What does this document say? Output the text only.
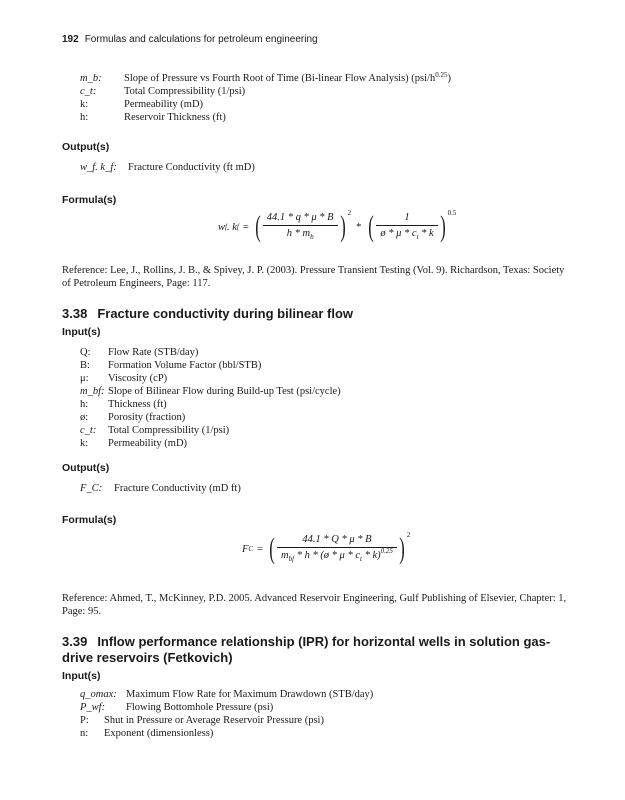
192 Formulas and calculations for petroleum engineering
m_b: Slope of Pressure vs Fourth Root of Time (Bi-linear Flow Analysis) $(psi/h^{0.25})$
c_t:	Total Compressibility (1/psi)
k:	Permeability (mD)
h:	Reservoir Thickness (ft)
Output(s)
w_f. k_f: Fracture Conductivity (ft mD)
Formula(s)
w f . k f = ( $\frac{44.1 * q * \mu * B}{h * m_b}$ ) 2
* ( $\frac{1}{ø * \mu * c_t * k}$ ) 0.5
Reference: Lee, J., Rollins, J. B., & Spivey, J. P. (2003). Pressure Transient Testing (Vol. 9). Richardson, Texas: Society of Petroleum Engineers, Page: 117.
3.38 Fracture conductivity during bilinear flow
Input(s)
Q: Flow Rate (STB/day)
B: Formation Volume Factor (bbl/STB)
μ: Viscosity (cP)
m_bf: Slope of Bilinear Flow during Build-up Test (psi/cycle)
h: Thickness (ft)
ø: Porosity (fraction)
c_t: Total Compressibility (1/psi)
k: Permeability (mD)
Output(s)
F_C: Fracture Conductivity (mD ft)
Formula(s)
F C = ( $\frac{44.1 * Q * \mu * B}{m_{bf} * h * (ø * \mu * c_t * k)^{0.25}}$ ) 2
Reference: Ahmed, T., McKinney, P.D. 2005. Advanced Reservoir Engineering, Gulf Publishing of Elsevier, Chapter: 1, Page: 95.
3.39 Inflow performance relationship (IPR) for horizontal wells in solution gas-drive reservoirs (Fetkovich)
Input(s)
q_omax: Maximum Flow Rate for Maximum Drawdown (STB/day)
P_wf: Flowing Bottomhole Pressure (psi)
P: Shut in Pressure or Average Reservoir Pressure (psi)
n: Exponent (dimensionless)
